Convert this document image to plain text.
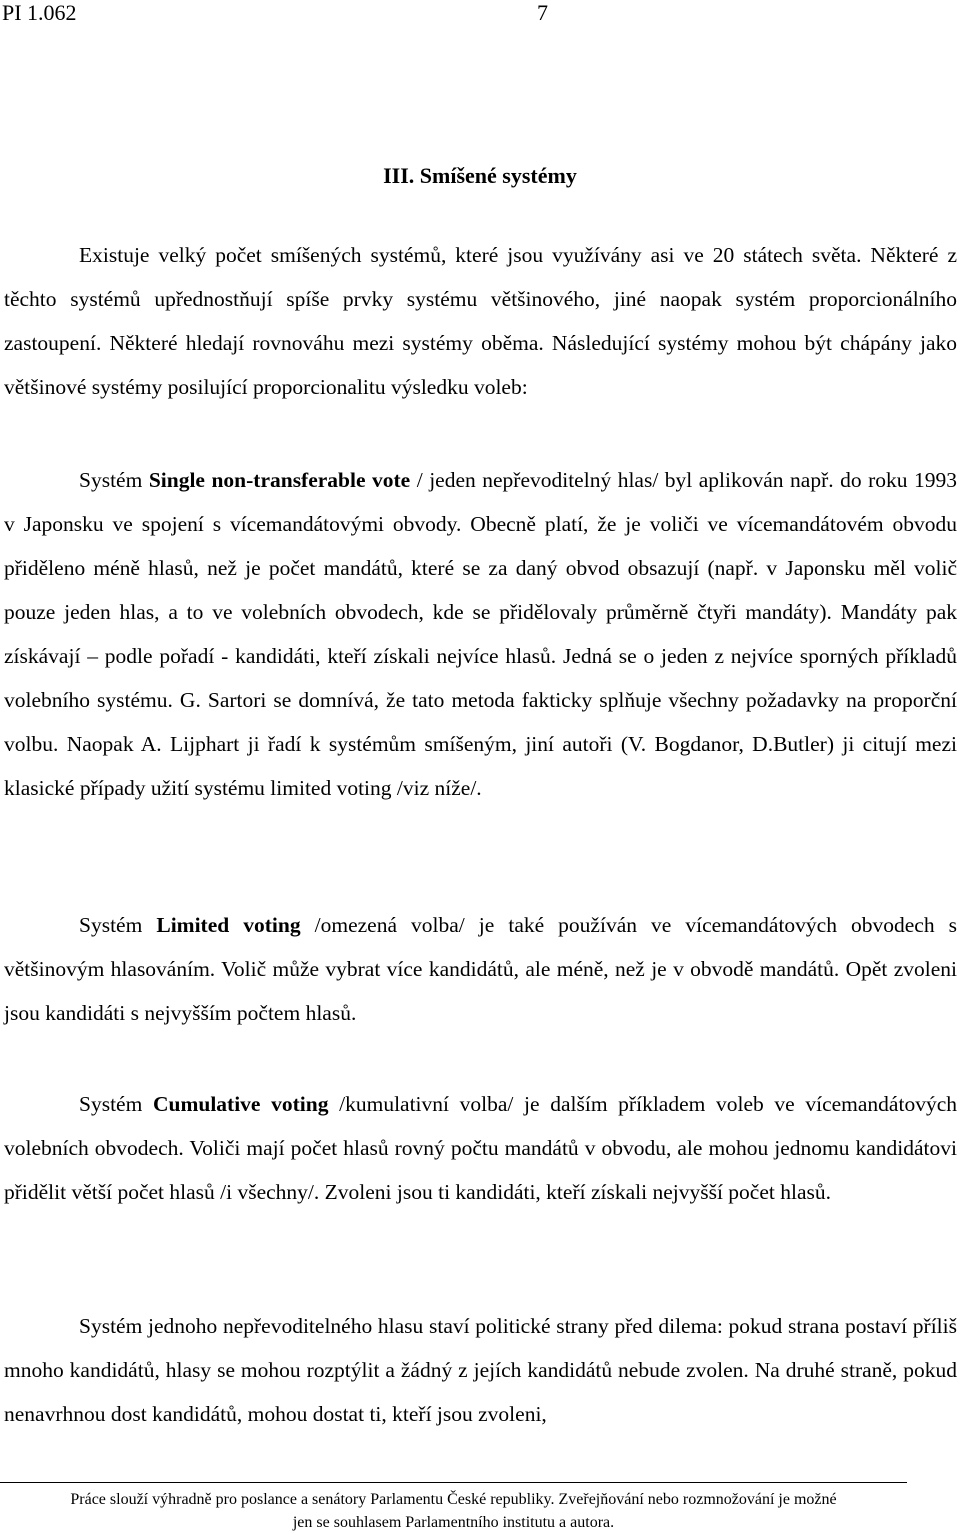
PI 1.062	7
III. Smíšené systémy

Existuje velký počet smíšených systémů, které jsou využívány asi ve 20 státech světa. Některé z těchto systémů upřednostňují spíše prvky systému většinového, jiné naopak systém proporcionálního zastoupení. Některé hledají rovnováhu mezi systémy oběma. Následující systémy mohou být chápány jako většinové systémy posilující proporcionalitu výsledku voleb:

Systém Single non-transferable vote / jeden nepřevoditelný hlas/ byl aplikován např. do roku 1993 v Japonsku ve spojení s vícemandátovými obvody. Obecně platí, že je voliči ve vícemandátovém obvodu přiděleno méně hlasů, než je počet mandátů, které se za daný obvod obsazují (např. v Japonsku měl volič pouze jeden hlas, a to ve volebních obvodech, kde se přidělovaly průměrně čtyři mandáty). Mandáty pak získávají – podle pořadí - kandidáti, kteří získali nejvíce hlasů. Jedná se o jeden z nejvíce sporných příkladů volebního systému. G. Sartori se domnívá, že tato metoda fakticky splňuje všechny požadavky na proporční volbu. Naopak A. Lijphart ji řadí k systémům smíšeným, jiní autoři (V. Bogdanor, D.Butler) ji citují mezi klasické případy užití systému limited voting /viz níže/.

Systém Limited voting /omezená volba/ je také používán ve vícemandátových obvodech s většinovým hlasováním. Volič může vybrat více kandidátů, ale méně, než je v obvodě mandátů. Opět zvoleni jsou kandidáti s nejvyšším počtem hlasů.

Systém Cumulative voting /kumulativní volba/ je dalším příkladem voleb ve vícemandátových volebních obvodech. Voliči mají počet hlasů rovný počtu mandátů v obvodu, ale mohou jednomu kandidátovi přidělit větší počet hlasů /i všechny/. Zvoleni jsou ti kandidáti, kteří získali nejvyšší počet hlasů.

Systém jednoho nepřevoditelného hlasu staví politické strany před dilema: pokud strana postaví příliš mnoho kandidátů, hlasy se mohou rozptýlit a žádný z jejích kandidátů nebude zvolen. Na druhé straně, pokud nenavrhnou dost kandidátů, mohou dostat ti, kteří jsou zvoleni,

Práce slouží výhradně pro poslance a senátory Parlamentu České republiky. Zveřejňování nebo rozmnožování je možné
jen se souhlasem Parlamentního institutu a autora.
